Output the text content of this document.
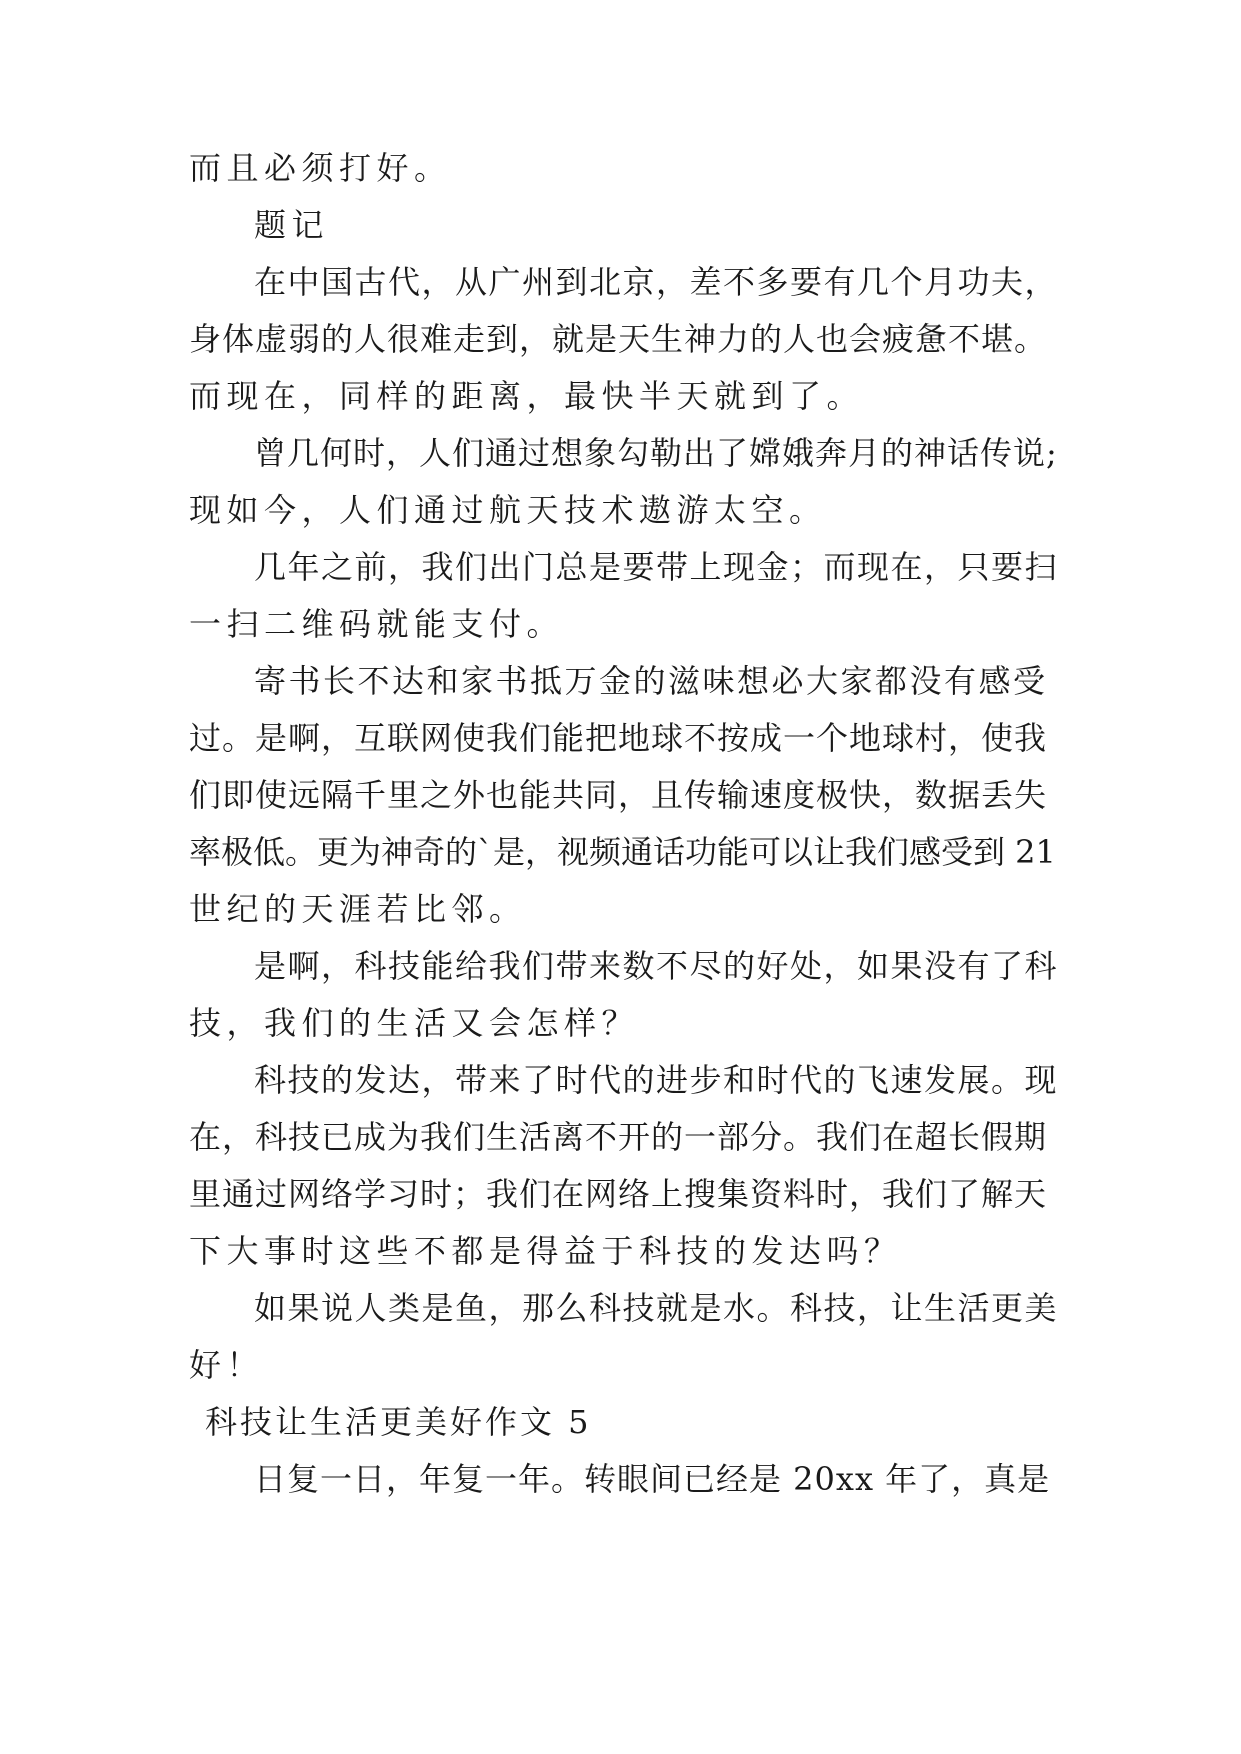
而且必须打好。
题记
在中国古代，从广州到北京，差不多要有几个月功夫，
身体虚弱的人很难走到，就是天生神力的人也会疲惫不堪。
而现在，同样的距离，最快半天就到了。
曾几何时，人们通过想象勾勒出了嫦娥奔月的神话传说;
现如今，人们通过航天技术遨游太空。
几年之前，我们出门总是要带上现金；而现在，只要扫
一扫二维码就能支付。
寄书长不达和家书抵万金的滋味想必大家都没有感受
过。是啊，互联网使我们能把地球不按成一个地球村，使我
们即使远隔千里之外也能共同，且传输速度极快，数据丢失
率极低。更为神奇的`是，视频通话功能可以让我们感受到 21
世纪的天涯若比邻。
是啊，科技能给我们带来数不尽的好处，如果没有了科
技，我们的生活又会怎样？
科技的发达，带来了时代的进步和时代的飞速发展。现
在，科技已成为我们生活离不开的一部分。我们在超长假期
里通过网络学习时；我们在网络上搜集资料时，我们了解天
下大事时这些不都是得益于科技的发达吗？
如果说人类是鱼，那么科技就是水。科技，让生活更美
好！
科技让生活更美好作文 5
日复一日，年复一年。转眼间已经是 20xx 年了，真是
